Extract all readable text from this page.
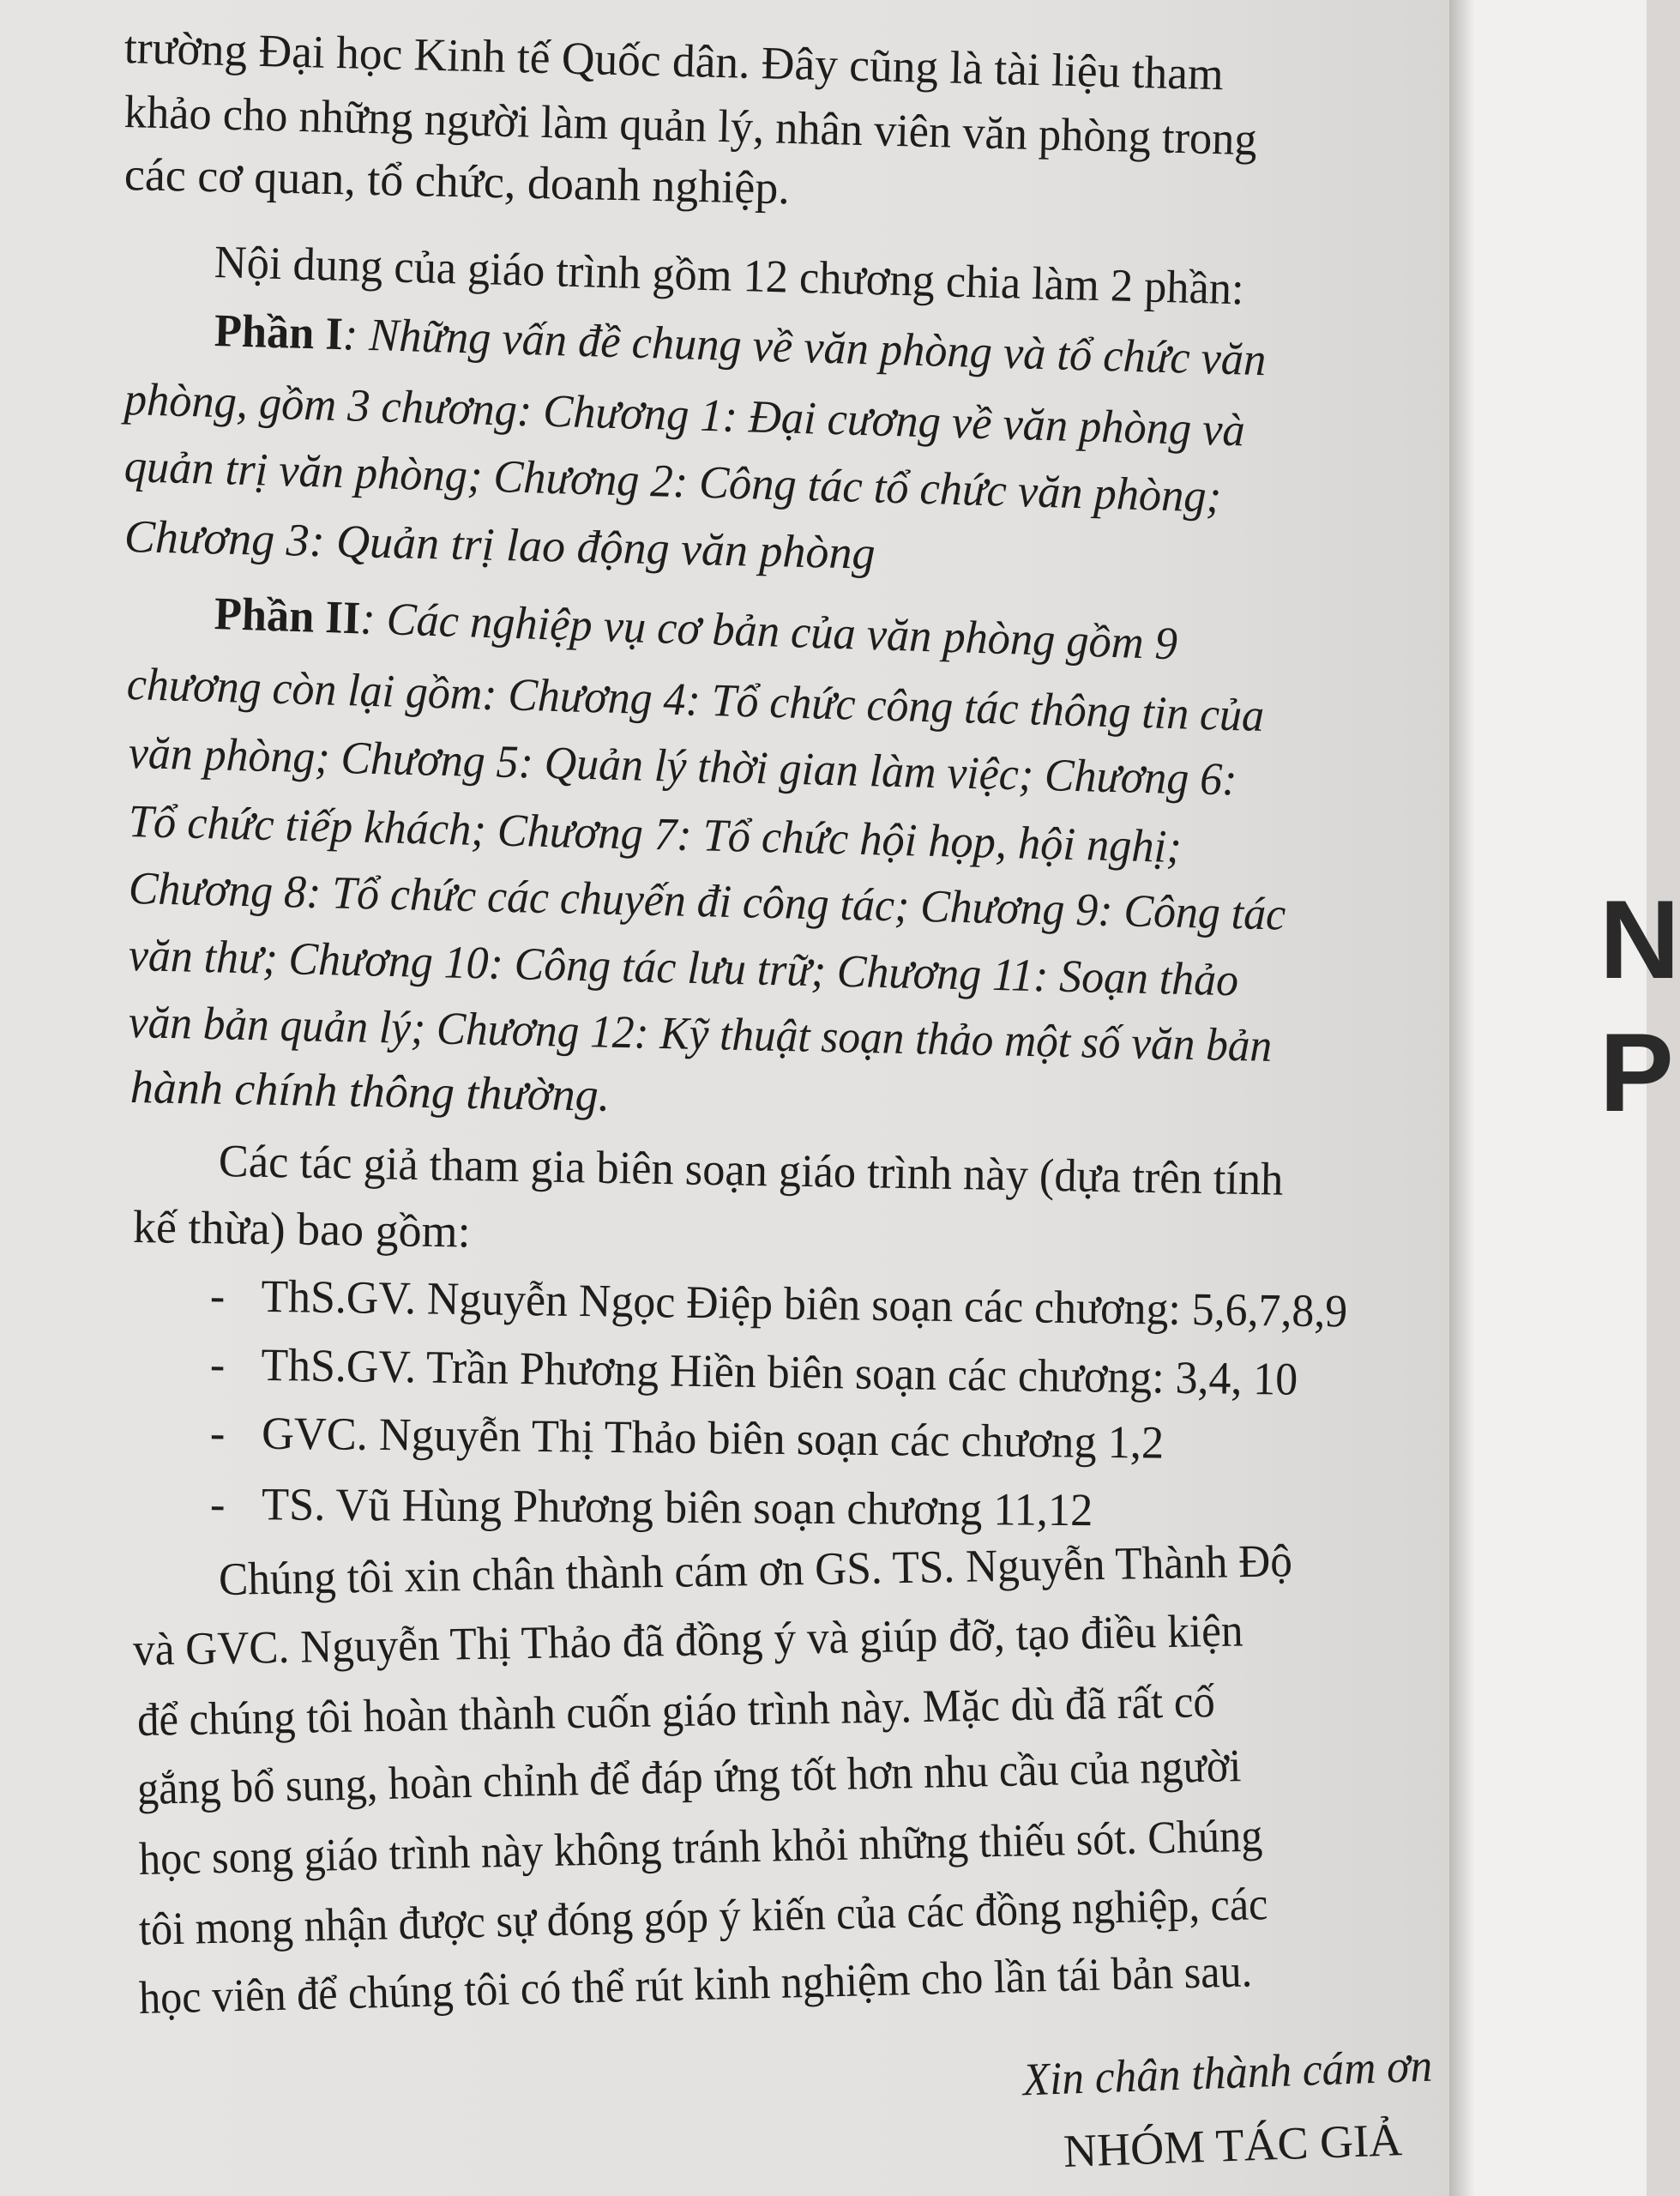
trường Đại học Kinh tế Quốc dân. Đây cũng là tài liệu tham
khảo cho những người làm quản lý, nhân viên văn phòng trong
các cơ quan, tổ chức, doanh nghiệp.
Nội dung của giáo trình gồm 12 chương chia làm 2 phần:
Phần I: Những vấn đề chung về văn phòng và tổ chức văn
phòng, gồm 3 chương: Chương 1: Đại cương về văn phòng và
quản trị văn phòng; Chương 2: Công tác tổ chức văn phòng;
Chương 3: Quản trị lao động văn phòng
Phần II: Các nghiệp vụ cơ bản của văn phòng gồm 9
chương còn lại gồm: Chương 4: Tổ chức công tác thông tin của
văn phòng; Chương 5: Quản lý thời gian làm việc; Chương 6:
Tổ chức tiếp khách; Chương 7: Tổ chức hội họp, hội nghị;
Chương 8: Tổ chức các chuyến đi công tác; Chương 9: Công tác
văn thư; Chương 10: Công tác lưu trữ; Chương 11: Soạn thảo
văn bản quản lý; Chương 12: Kỹ thuật soạn thảo một số văn bản
hành chính thông thường.
Các tác giả tham gia biên soạn giáo trình này (dựa trên tính
kế thừa) bao gồm:
- ThS.GV. Nguyễn Ngọc Điệp biên soạn các chương: 5,6,7,8,9
- ThS.GV. Trần Phương Hiền biên soạn các chương: 3,4, 10
- GVC. Nguyễn Thị Thảo biên soạn các chương 1,2
- TS. Vũ Hùng Phương biên soạn chương 11,12
Chúng tôi xin chân thành cám ơn GS. TS. Nguyễn Thành Độ
và GVC. Nguyễn Thị Thảo đã đồng ý và giúp đỡ, tạo điều kiện
để chúng tôi hoàn thành cuốn giáo trình này. Mặc dù đã rất cố
gắng bổ sung, hoàn chỉnh để đáp ứng tốt hơn nhu cầu của người
học song giáo trình này không tránh khỏi những thiếu sót. Chúng
tôi mong nhận được sự đóng góp ý kiến của các đồng nghiệp, các
học viên để chúng tôi có thể rút kinh nghiệm cho lần tái bản sau.
Xin chân thành cám ơn
NHÓM TÁC GIẢ
N
P
